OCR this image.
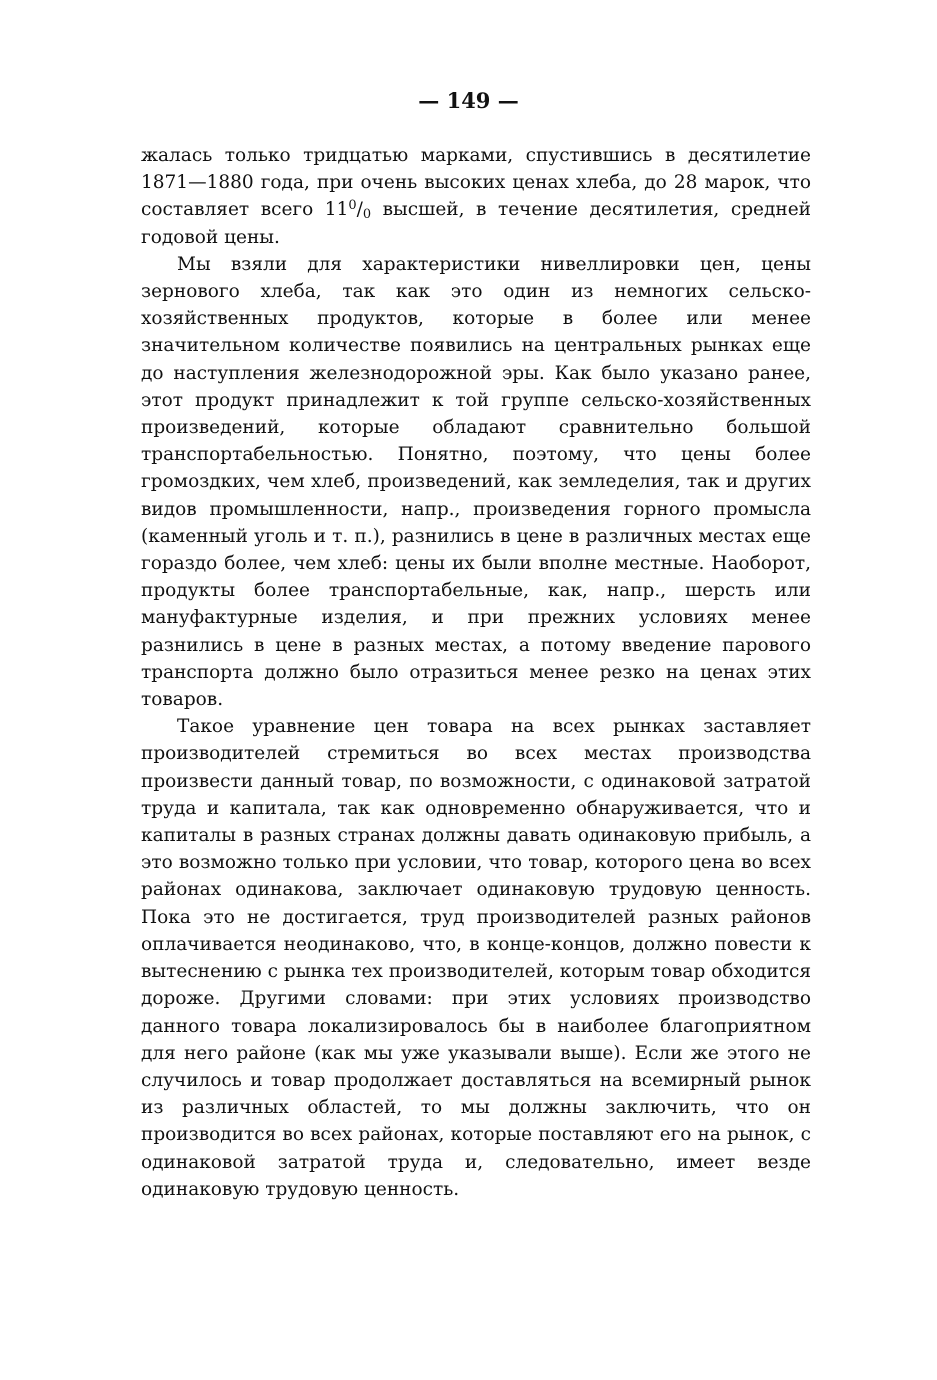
— 149 —

жалась только тридцатью марками, спустившись в десятилетие 1871—1880 года, при очень высоких ценах хлеба, до 28 марок, что составляет всего $11^0/_0$ высшей, в течение десятилетия, средней годовой цены.

Мы взяли для характеристики нивеллировки цен, цены зернового хлеба, так как это один из немногих сельско-хозяйственных продуктов, которые в более или менее значительном количестве появились на центральных рынках еще до наступления железнодорожной эры. Как было указано ранее, этот продукт принадлежит к той группе сельско-хозяйственных произведений, которые обладают сравнительно большой транспортабельностью. Понятно, поэтому, что цены более громоздких, чем хлеб, произведений, как земледелия, так и других видов промышленности, напр., произведения горного промысла (каменный уголь и т. п.), разнились в цене в различных местах еще гораздо более, чем хлеб: цены их были вполне местные. Наоборот, продукты более транспортабельные, как, напр., шерсть или мануфактурные изделия, и при прежних условиях менее разнились в цене в разных местах, а потому введение парового транспорта должно было отразиться менее резко на ценах этих товаров.

Такое уравнение цен товара на всех рынках заставляет производителей стремиться во всех местах производства произвести данный товар, по возможности, с одинаковой затратой труда и капитала, так как одновременно обнаруживается, что и капиталы в разных странах должны давать одинаковую прибыль, а это возможно только при условии, что товар, которого цена во всех районах одинакова, заключает одинаковую трудовую ценность. Пока это не достигается, труд производителей разных районов оплачивается неодинаково, что, в конце-концов, должно повести к вытеснению с рынка тех производителей, которым товар обходится дороже. Другими словами: при этих условиях производство данного товара локализировалось бы в наиболее благоприятном для него районе (как мы уже указывали выше). Если же этого не случилось и товар продолжает доставляться на всемирный рынок из различных областей, то мы должны заключить, что он производится во всех районах, которые поставляют его на рынок, с одинаковой затратой труда и, следовательно, имеет везде одинаковую трудовую ценность.
